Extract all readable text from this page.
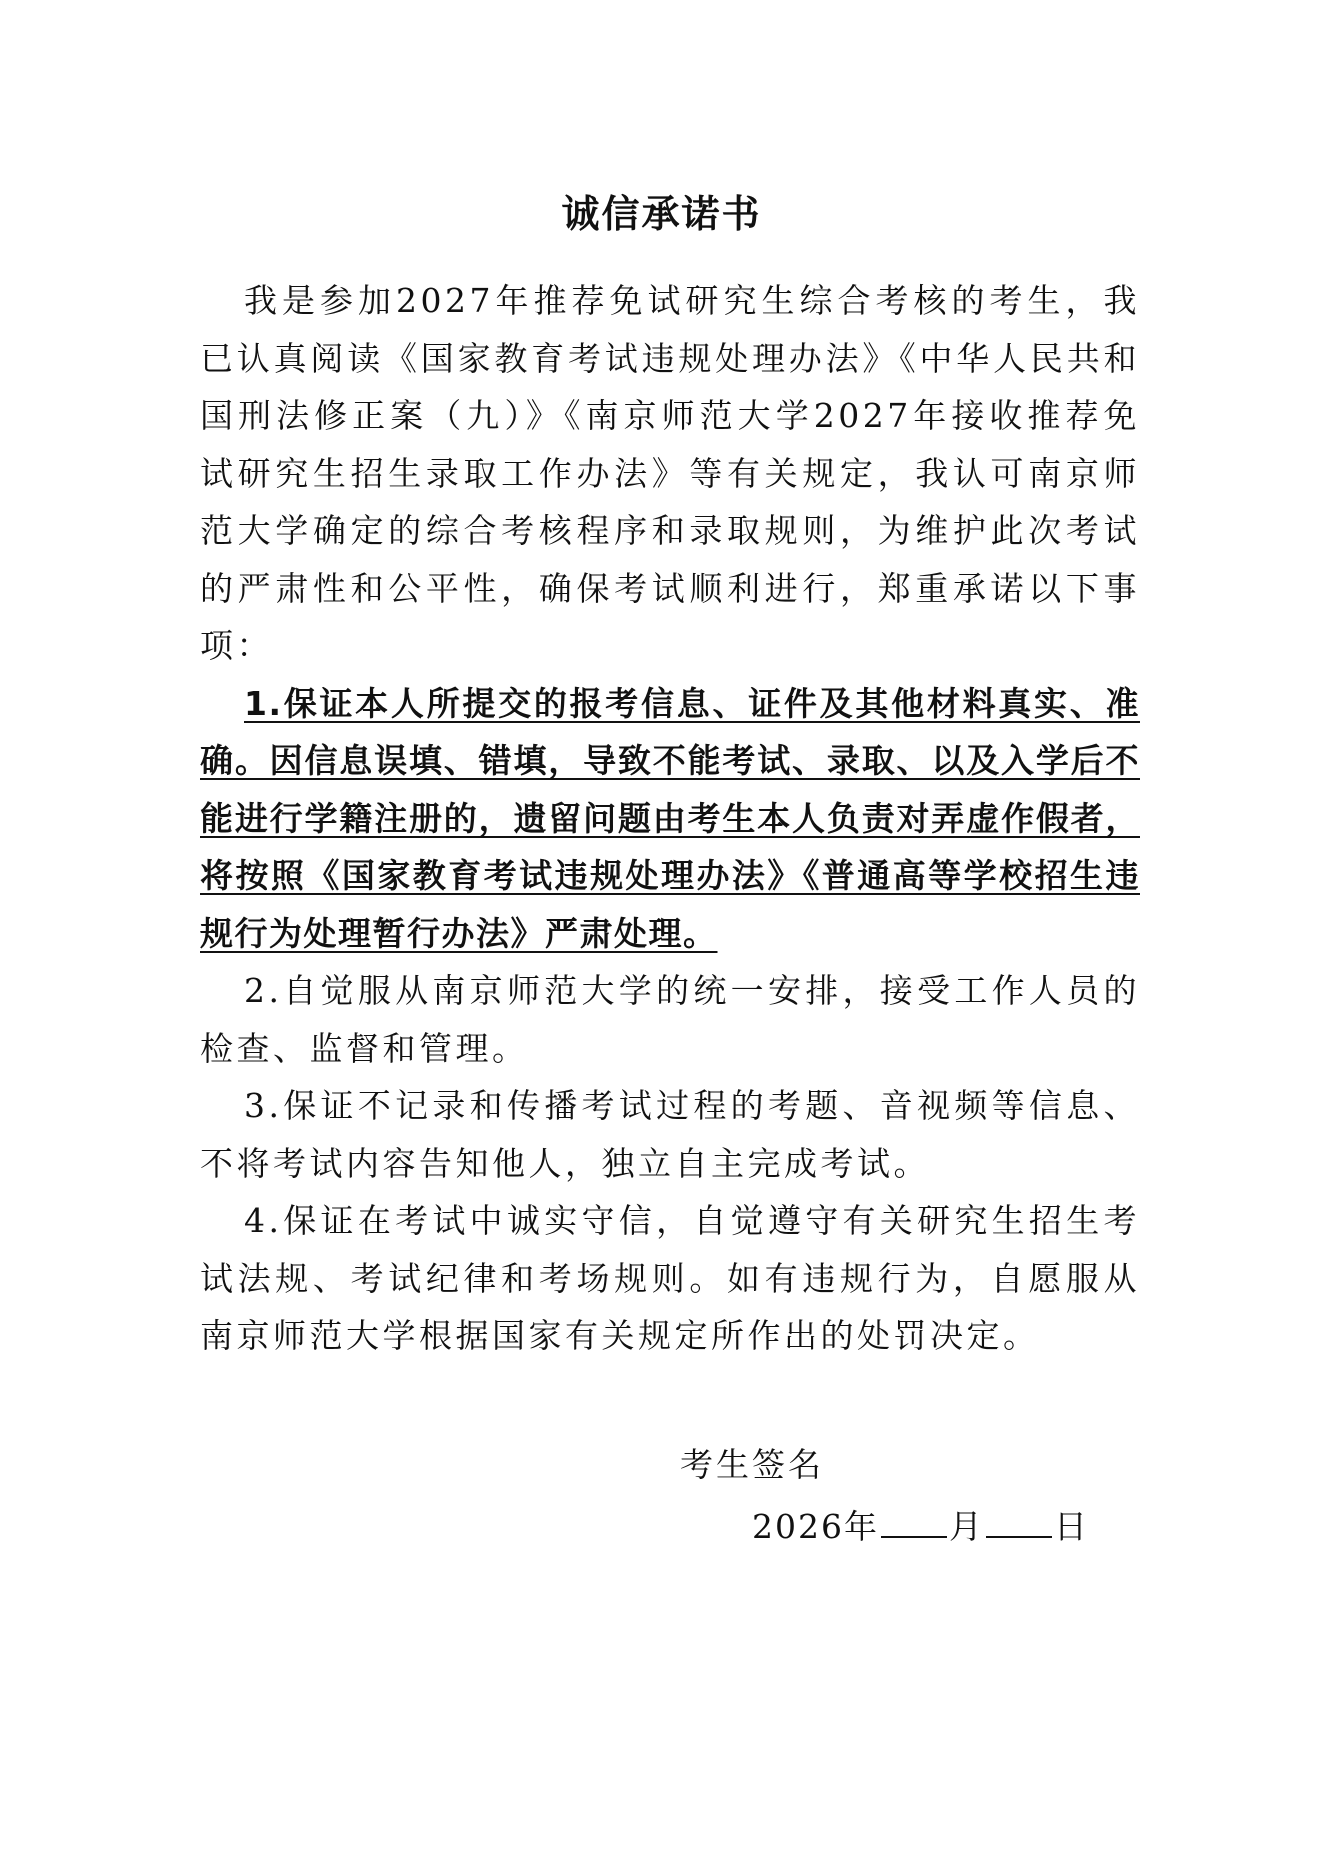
诚信承诺书

我是参加2027年推荐免试研究生综合考核的考生，我已认真阅读《国家教育考试违规处理办法》《中华人民共和国刑法修正案（九）》《南京师范大学2027年接收推荐免试研究生招生录取工作办法》等有关规定，我认可南京师范大学确定的综合考核程序和录取规则，为维护此次考试的严肃性和公平性，确保考试顺利进行，郑重承诺以下事项：

1.保证本人所提交的报考信息、证件及其他材料真实、准确。因信息误填、错填，导致不能考试、录取、以及入学后不能进行学籍注册的，遗留问题由考生本人负责对弄虚作假者，将按照《国家教育考试违规处理办法》《普通高等学校招生违规行为处理暂行办法》严肃处理。

2.自觉服从南京师范大学的统一安排，接受工作人员的检查、监督和管理。

3.保证不记录和传播考试过程的考题、音视频等信息、不将考试内容告知他人，独立自主完成考试。

4.保证在考试中诚实守信，自觉遵守有关研究生招生考试法规、考试纪律和考场规则。如有违规行为，自愿服从南京师范大学根据国家有关规定所作出的处罚决定。

考生签名
2026年 月 日
